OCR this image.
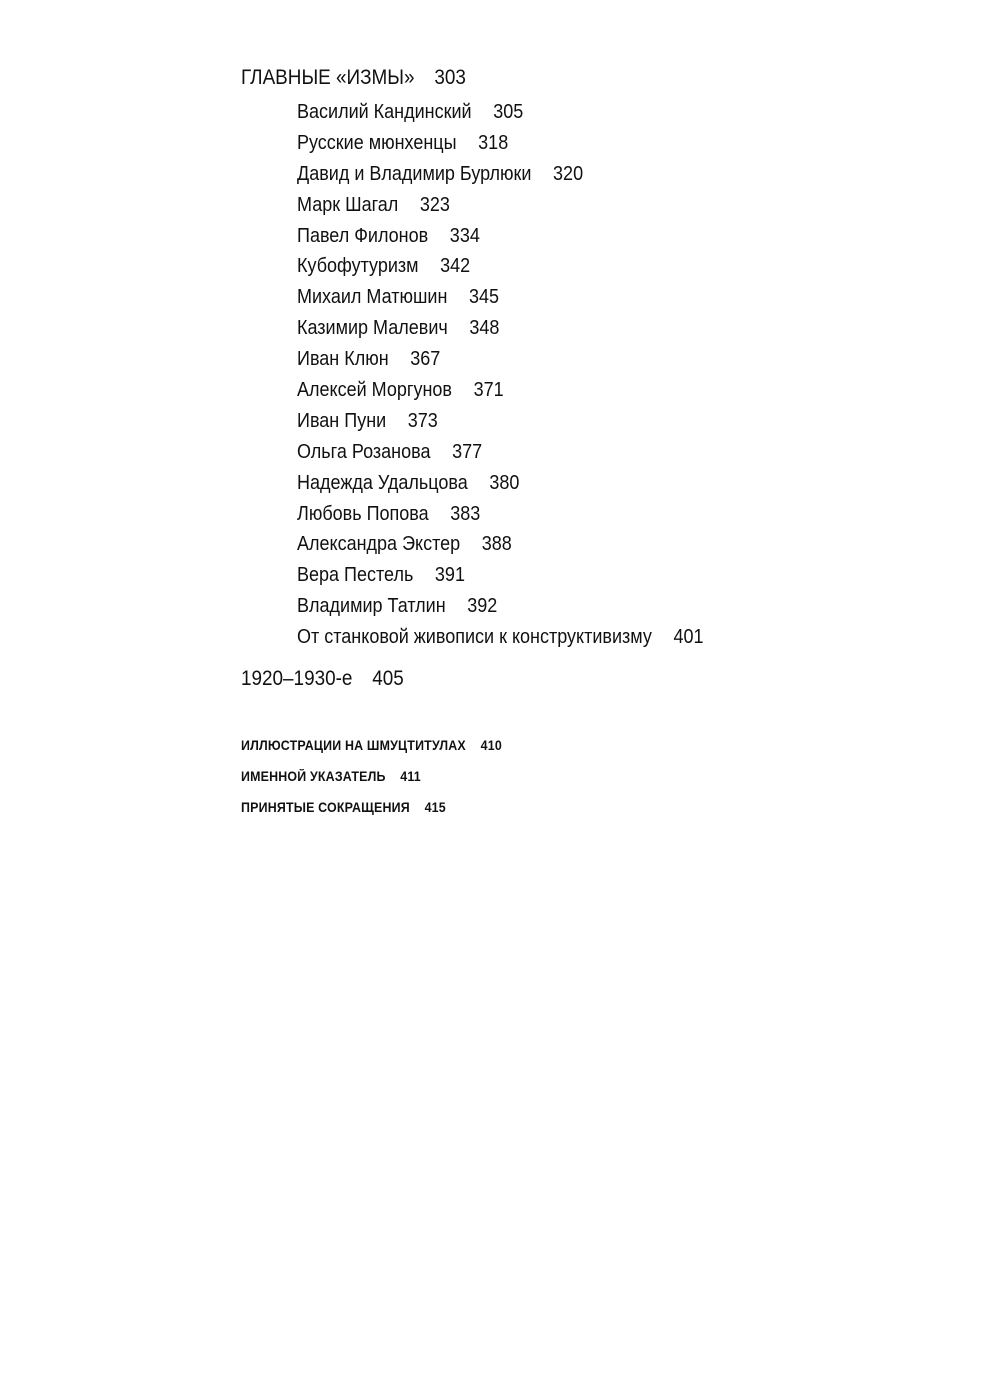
ГЛАВНЫЕ «ИЗМЫ» 303
Василий Кандинский 305
Русские мюнхенцы 318
Давид и Владимир Бурлюки 320
Марк Шагал 323
Павел Филонов 334
Кубофутуризм 342
Михаил Матюшин 345
Казимир Малевич 348
Иван Клюн 367
Алексей Моргунов 371
Иван Пуни 373
Ольга Розанова 377
Надежда Удальцова 380
Любовь Попова 383
Александра Экстер 388
Вера Пестель 391
Владимир Татлин 392
От станковой живописи к конструктивизму 401
1920–1930-е 405
ИЛЛЮСТРАЦИИ НА ШМУЦТИТУЛАХ 410
ИМЕННОЙ УКАЗАТЕЛЬ 411
ПРИНЯТЫЕ СОКРАЩЕНИЯ 415
